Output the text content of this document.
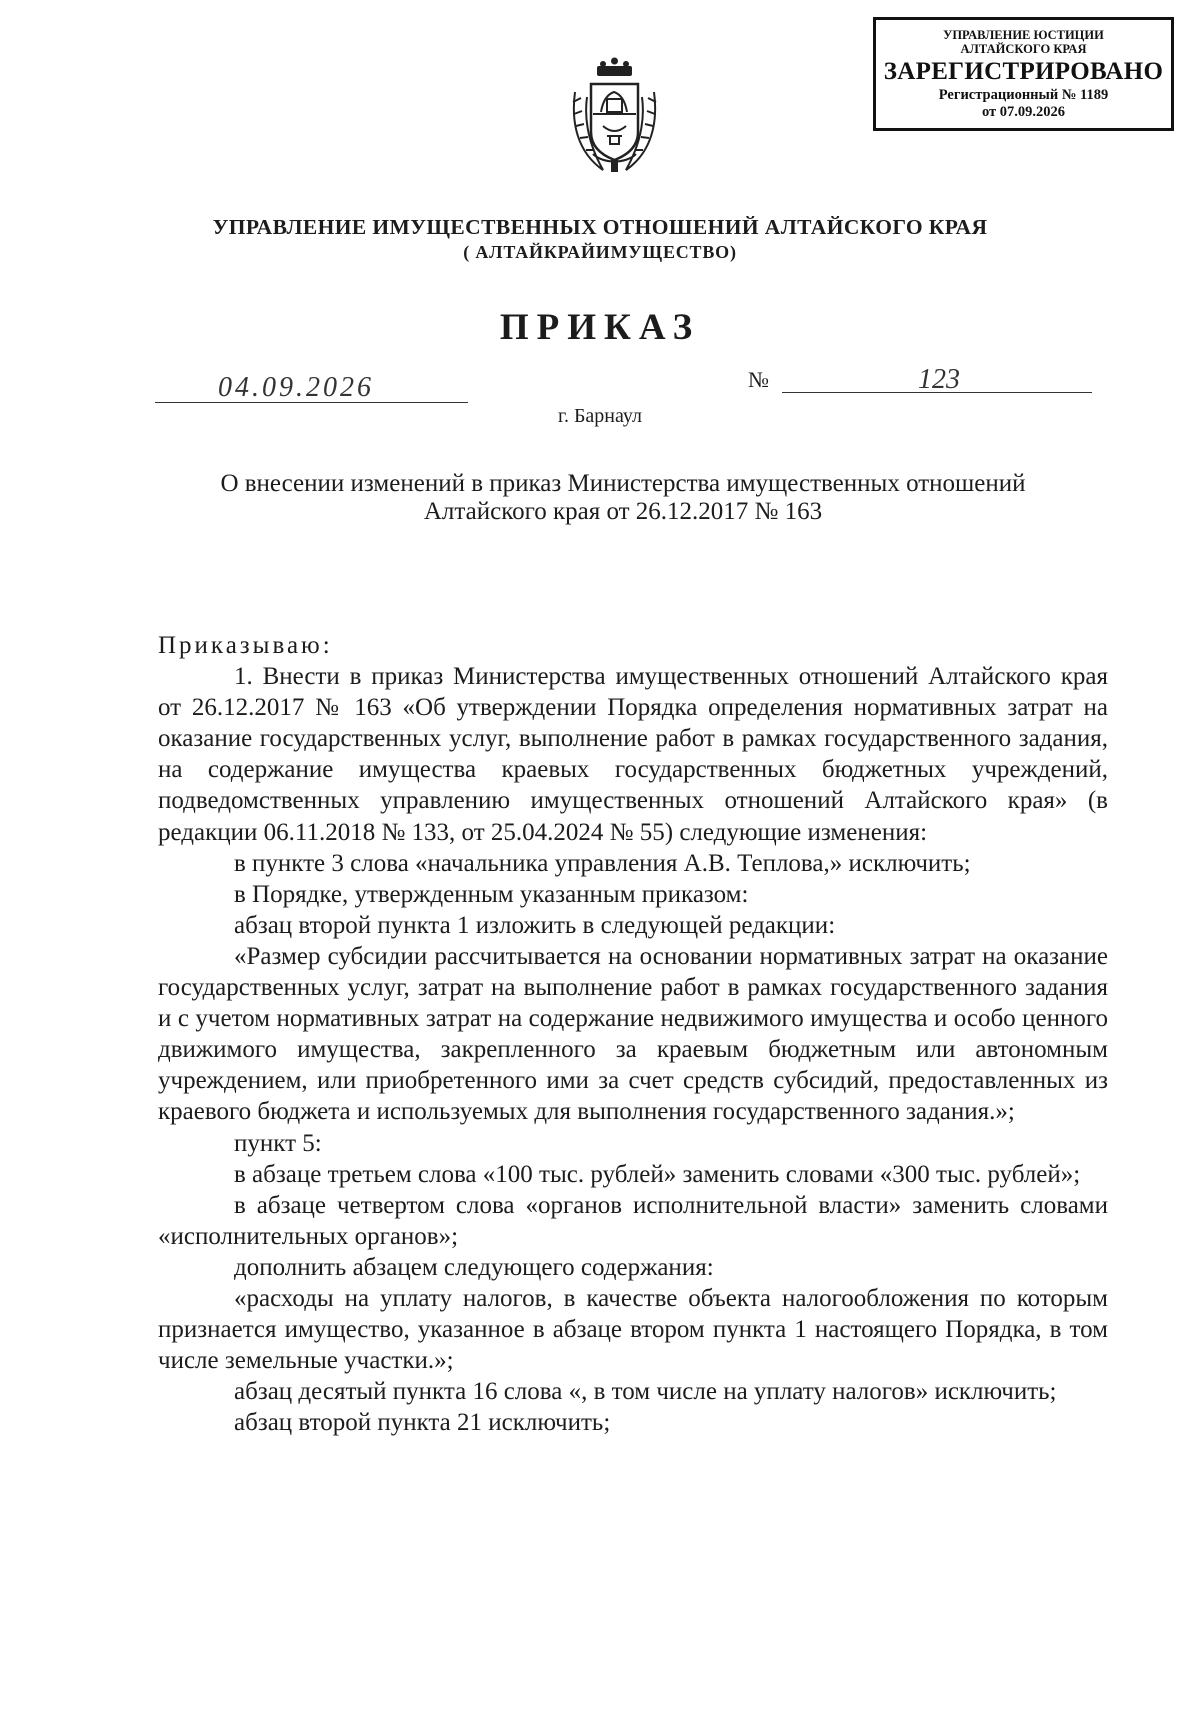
УПРАВЛЕНИЕ ЮСТИЦИИ
АЛТАЙСКОГО КРАЯ
ЗАРЕГИСТРИРОВАНО
Регистрационный № 1189
от 07.09.2026
УПРАВЛЕНИЕ ИМУЩЕСТВЕННЫХ ОТНОШЕНИЙ АЛТАЙСКОГО КРАЯ
( АЛТАЙКРАЙИМУЩЕСТВО)
ПРИКАЗ
04.09.2026	№	123
г. Барнаул
О внесении изменений в приказ Министерства имущественных отношений
Алтайского края от 26.12.2017 № 163

Приказываю:

1. Внести в приказ Министерства имущественных отношений Алтайского края от 26.12.2017 № 163 «Об утверждении Порядка определения нормативных затрат на оказание государственных услуг, выполнение работ в рамках государственного задания, на содержание имущества краевых государственных бюджетных учреждений, подведомственных управлению имущественных отношений Алтайского края» (в редакции 06.11.2018 № 133, от 25.04.2024 № 55) следующие изменения:

в пункте 3 слова «начальника управления А.В. Теплова,» исключить;

в Порядке, утвержденным указанным приказом:

абзац второй пункта 1 изложить в следующей редакции:

«Размер субсидии рассчитывается на основании нормативных затрат на оказание государственных услуг, затрат на выполнение работ в рамках государственного задания и с учетом нормативных затрат на содержание недвижимого имущества и особо ценного движимого имущества, закрепленного за краевым бюджетным или автономным учреждением, или приобретенного ими за счет средств субсидий, предоставленных из краевого бюджета и используемых для выполнения государственного задания.»;

пункт 5:

в абзаце третьем слова «100 тыс. рублей» заменить словами «300 тыс. рублей»;

в абзаце четвертом слова «органов исполнительной власти» заменить словами «исполнительных органов»;

дополнить абзацем следующего содержания:

«расходы на уплату налогов, в качестве объекта налогообложения по которым признается имущество, указанное в абзаце втором пункта 1 настоящего Порядка, в том числе земельные участки.»;

абзац десятый пункта 16 слова «, в том числе на уплату налогов» исключить;

абзац второй пункта 21 исключить;
